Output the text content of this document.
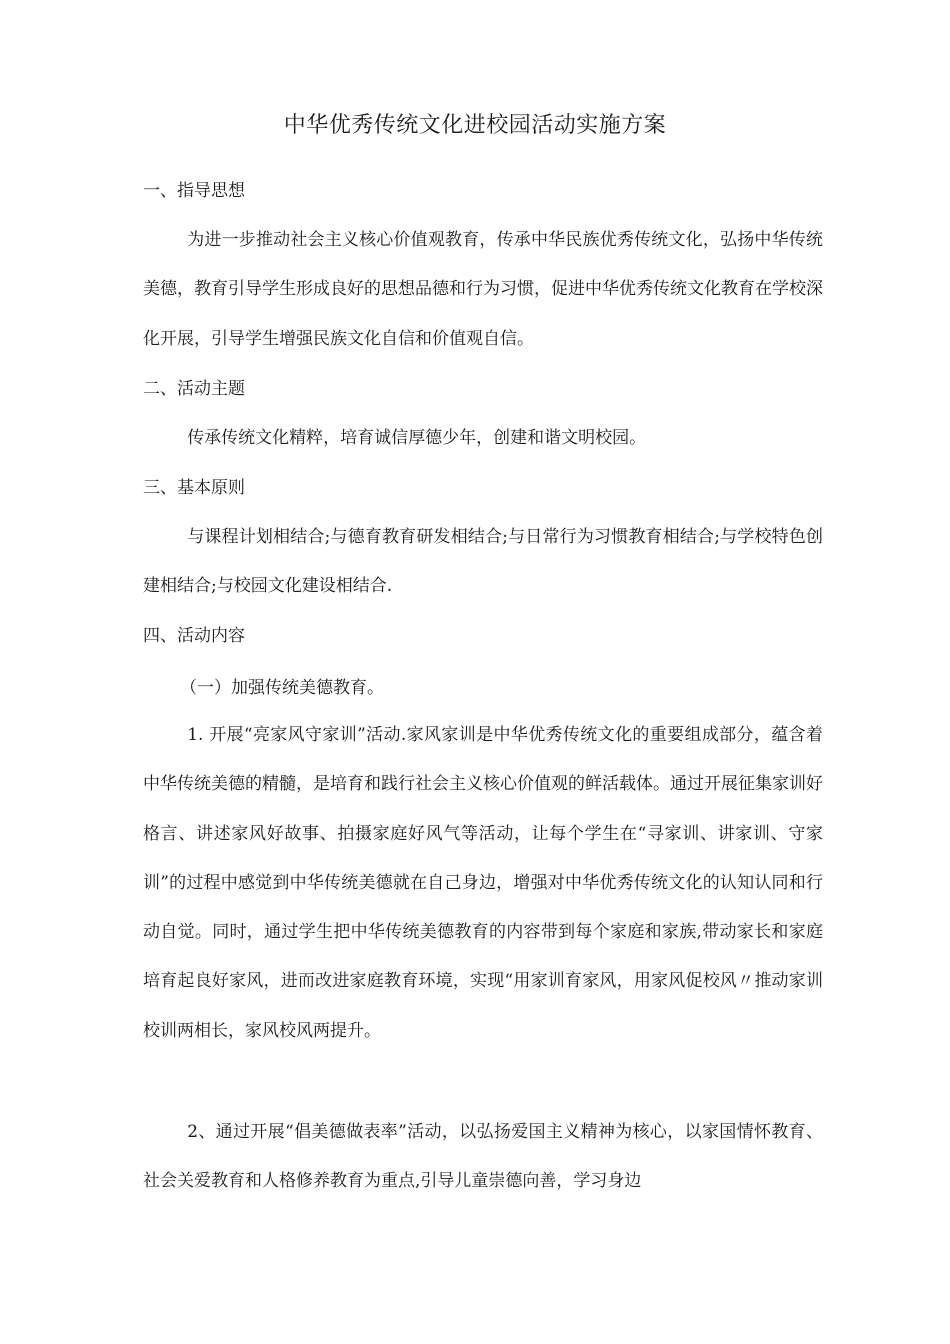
中华优秀传统文化进校园活动实施方案
一、指导思想

为进一步推动社会主义核心价值观教育，传承中华民族优秀传统文化，弘扬中华传统美德，教育引导学生形成良好的思想品德和行为习惯，促进中华优秀传统文化教育在学校深化开展，引导学生增强民族文化自信和价值观自信。

二、活动主题

传承传统文化精粹，培育诚信厚德少年，创建和谐文明校园。

三、基本原则

与课程计划相结合;与德育教育研发相结合;与日常行为习惯教育相结合;与学校特色创建相结合;与校园文化建设相结合.

四、活动内容
（一）加强传统美德教育。

1. 开展“亮家风守家训”活动.家风家训是中华优秀传统文化的重要组成部分，蕴含着中华传统美德的精髓，是培育和践行社会主义核心价值观的鲜活载体。通过开展征集家训好格言、讲述家风好故事、拍摄家庭好风气等活动，让每个学生在“寻家训、讲家训、守家训”的过程中感觉到中华传统美德就在自己身边，增强对中华优秀传统文化的认知认同和行动自觉。同时，通过学生把中华传统美德教育的内容带到每个家庭和家族,带动家长和家庭培育起良好家风，进而改进家庭教育环境，实现“用家训育家风，用家风促校风〃推动家训校训两相长，家风校风两提升。

2、通过开展“倡美德做表率”活动，以弘扬爱国主义精神为核心，以家国情怀教育、社会关爱教育和人格修养教育为重点,引导儿童崇德向善，学习身边
